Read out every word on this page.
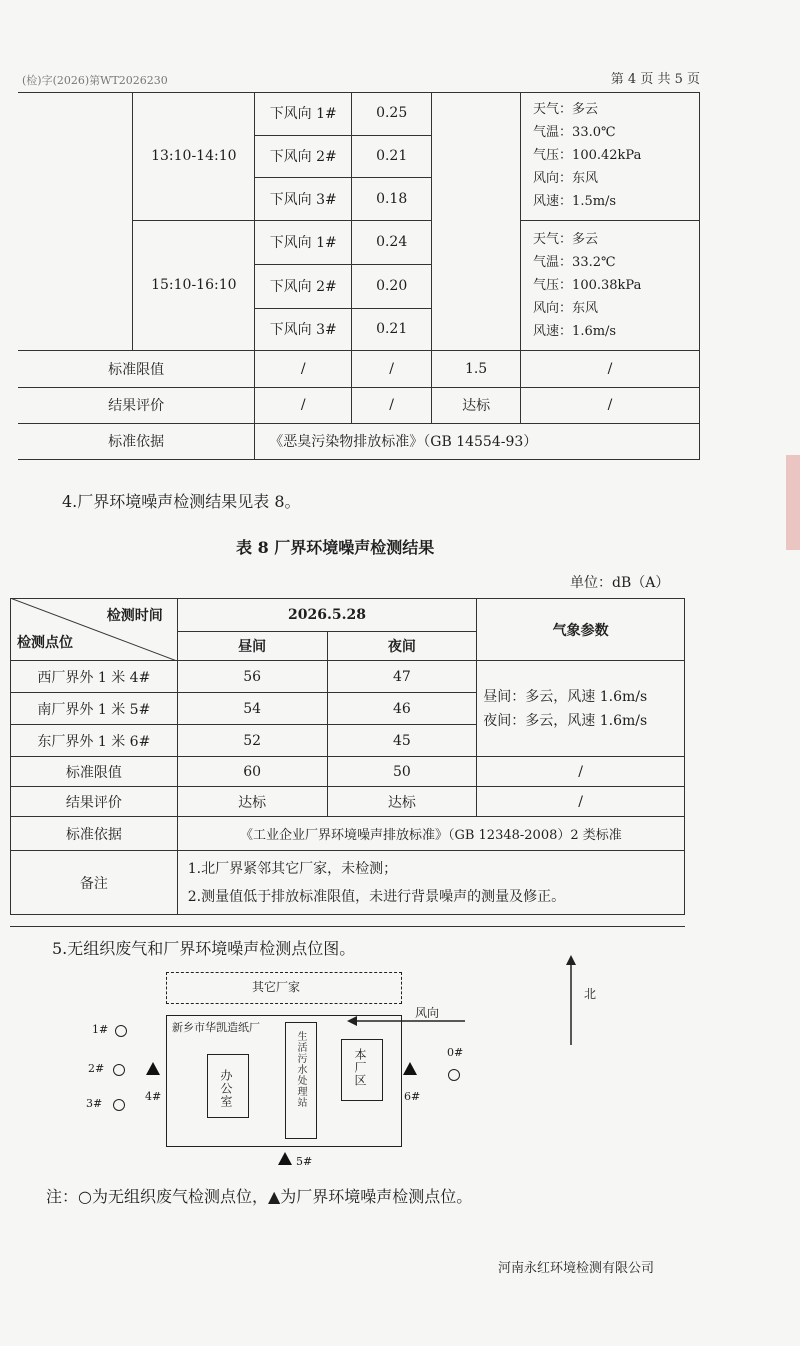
(检)字(2026)第WT2026230	第 4 页 共 5 页
	13:10-14:10	下风向 1#	0.25		天气：多云
气温：33.0℃
气压：100.42kPa
风向：东风
风速：1.5m/s

		下风向 2#	0.21		
		下风向 3#	0.18		
	15:10-16:10	下风向 1#	0.24		天气：多云
气温：33.2℃
气压：100.38kPa
风向：东风
风速：1.6m/s

		下风向 2#	0.20		
		下风向 3#	0.21		
标准限值		/	/	1.5	/
结果评价		/	/	达标	/
标准依据		《恶臭污染物排放标准》（GB 14554-93）			
4.厂界环境噪声检测结果见表 8。
表 8 厂界环境噪声检测结果
单位：dB（A）
检测时间
检测点位	2026.5.28		气象参数
	昼间	夜间	
西厂界外 1 米 4#	56	47	昼间：多云，风速 1.6m/s
夜间：多云，风速 1.6m/s

南厂界外 1 米 5#	54	46	
东厂界外 1 米 6#	52	45	
标准限值	60	50	/
结果评价	达标	达标	/
标准依据	《工业企业厂界环境噪声排放标准》（GB 12348-2008）2 类标准		
备注	1.北厂界紧邻其它厂家，未检测；
2.测量值低于排放标准限值，未进行背景噪声的测量及修正。		
5.无组织废气和厂界环境噪声检测点位图。
其它厂家
新乡市华凯造纸厂
办公室	生活污水处理站	本厂区
风向
北
1#
2#
3#
4#	6#
5#
0#
注：○为无组织废气检测点位，▲为厂界环境噪声检测点位。
河南永红环境检测有限公司
